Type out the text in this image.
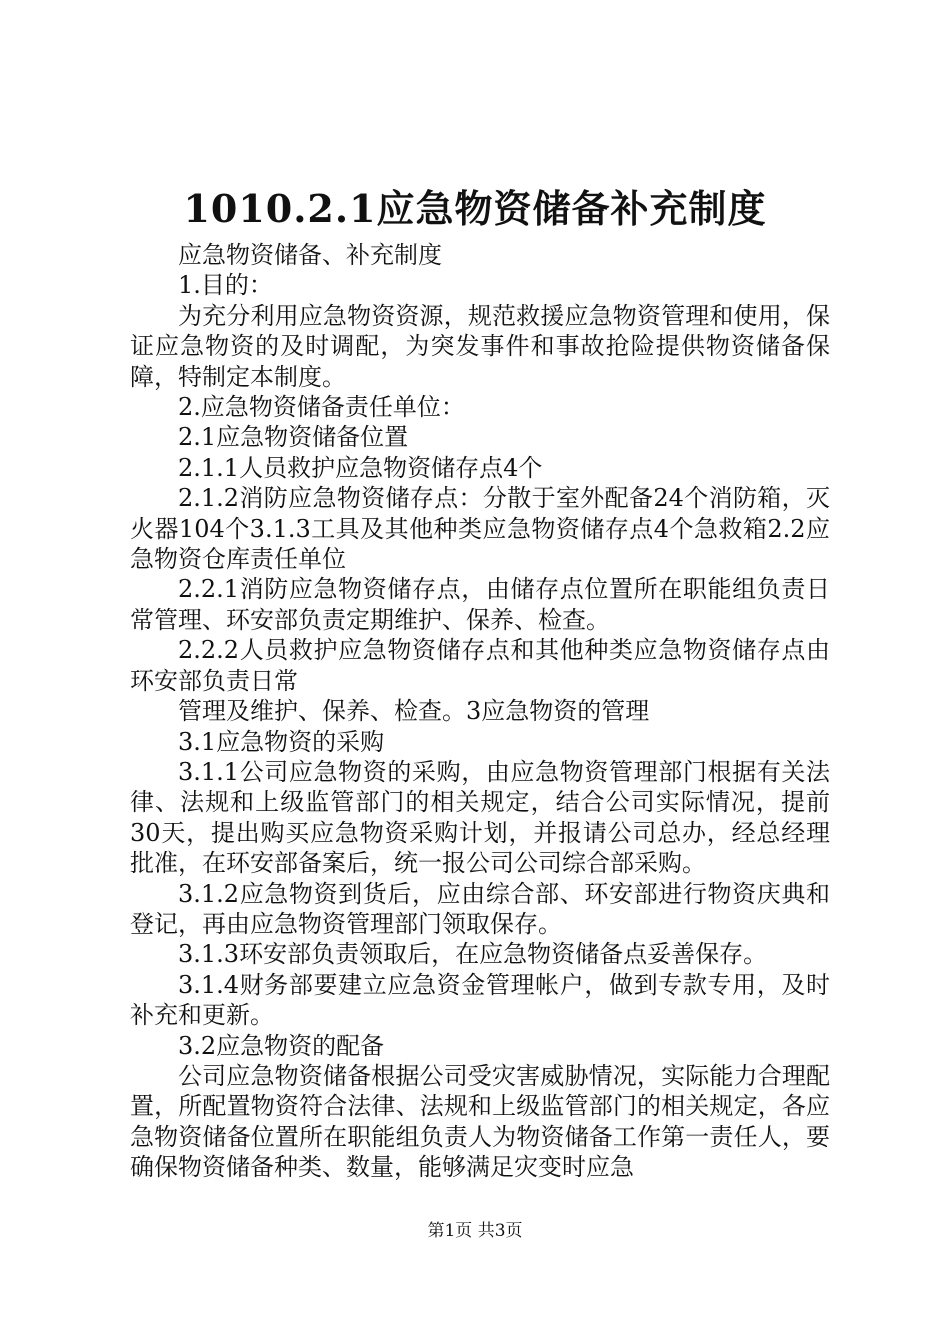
1010.2.1应急物资储备补充制度

应急物资储备、补充制度

1.目的：

为充分利用应急物资资源，规范救援应急物资管理和使用，保证应急物资的及时调配，为突发事件和事故抢险提供物资储备保障，特制定本制度。

2.应急物资储备责任单位：

2.1应急物资储备位置

2.1.1人员救护应急物资储存点4个

2.1.2消防应急物资储存点：分散于室外配备24个消防箱，灭火器104个3.1.3工具及其他种类应急物资储存点4个急救箱2.2应急物资仓库责任单位

2.2.1消防应急物资储存点，由储存点位置所在职能组负责日常管理、环安部负责定期维护、保养、检查。

2.2.2人员救护应急物资储存点和其他种类应急物资储存点由环安部负责日常

管理及维护、保养、检查。3应急物资的管理

3.1应急物资的采购

3.1.1公司应急物资的采购，由应急物资管理部门根据有关法律、法规和上级监管部门的相关规定，结合公司实际情况，提前30天，提出购买应急物资采购计划，并报请公司总办，经总经理批准，在环安部备案后，统一报公司公司综合部采购。

3.1.2应急物资到货后，应由综合部、环安部进行物资庆典和登记，再由应急物资管理部门领取保存。

3.1.3环安部负责领取后，在应急物资储备点妥善保存。

3.1.4财务部要建立应急资金管理帐户，做到专款专用，及时补充和更新。

3.2应急物资的配备

公司应急物资储备根据公司受灾害威胁情况，实际能力合理配置，所配置物资符合法律、法规和上级监管部门的相关规定，各应急物资储备位置所在职能组负责人为物资储备工作第一责任人，要确保物资储备种类、数量，能够满足灾变时应急

第1页 共3页
